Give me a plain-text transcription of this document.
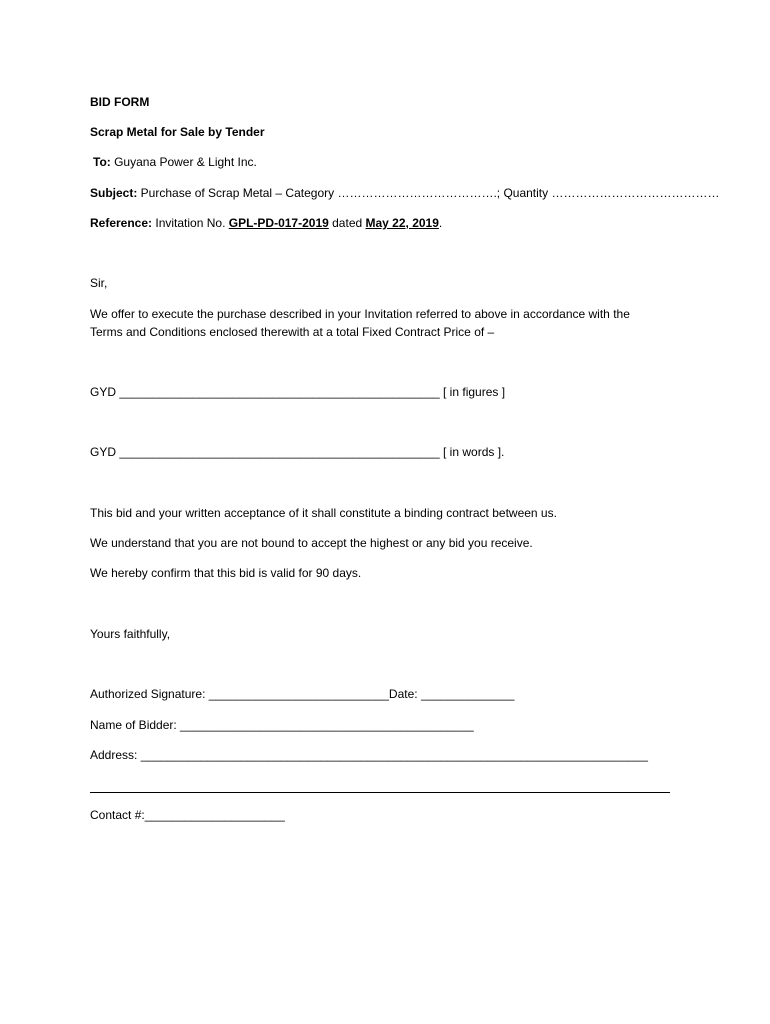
BID FORM
Scrap Metal for Sale by Tender
To: Guyana Power & Light Inc.
Subject: Purchase of Scrap Metal – Category ………………………………….; Quantity ……………………………………
Reference: Invitation No. GPL-PD-017-2019 dated May 22, 2019.
Sir,
We offer to execute the purchase described in your Invitation referred to above in accordance with the
Terms and Conditions enclosed therewith at a total Fixed Contract Price of –
GYD ________________________________________________ [ in figures ]
GYD ________________________________________________ [ in words ].
This bid and your written acceptance of it shall constitute a binding contract between us.
We understand that you are not bound to accept the highest or any bid you receive.
We hereby confirm that this bid is valid for 90 days.
Yours faithfully,
Authorized Signature: ___________________________Date: ______________
Name of Bidder: ____________________________________________
Address: ____________________________________________________________________________
Contact #:_____________________
